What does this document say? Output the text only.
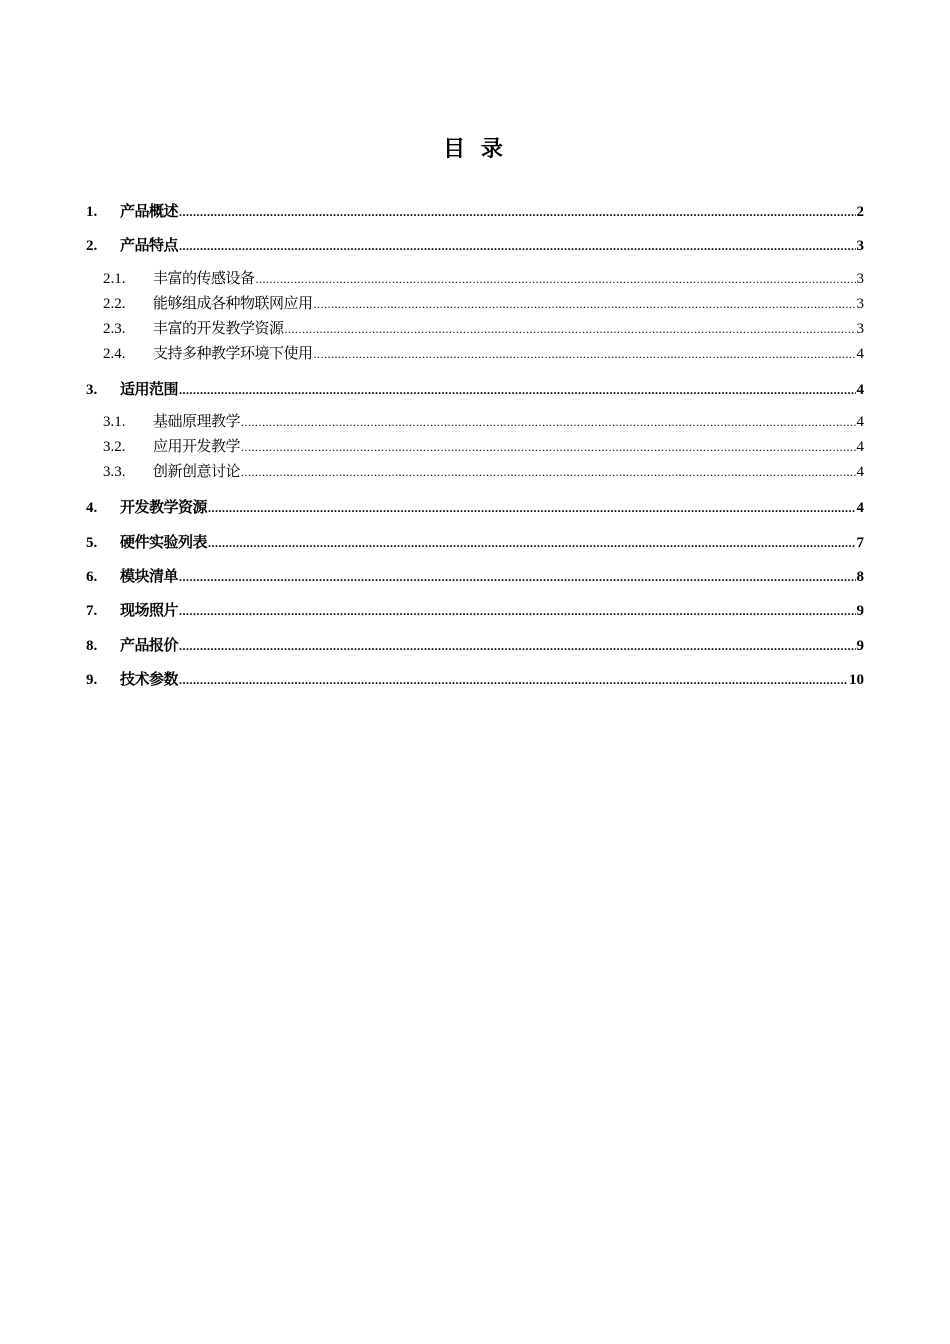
目 录
1.	产品概述 .....	2
2.	产品特点 .....	3
2.1.	丰富的传感设备 .....	3
2.2.	能够组成各种物联网应用 .....	3
2.3.	丰富的开发教学资源 .....	3
2.4.	支持多种教学环境下使用 .....	4
3.	适用范围 .....	4
3.1.	基础原理教学 .....	4
3.2.	应用开发教学 .....	4
3.3.	创新创意讨论 .....	4
4.	开发教学资源 .....	4
5.	硬件实验列表 .....	7
6.	模块清单 .....	8
7.	现场照片 .....	9
8.	产品报价 .....	9
9.	技术参数 .....	10
